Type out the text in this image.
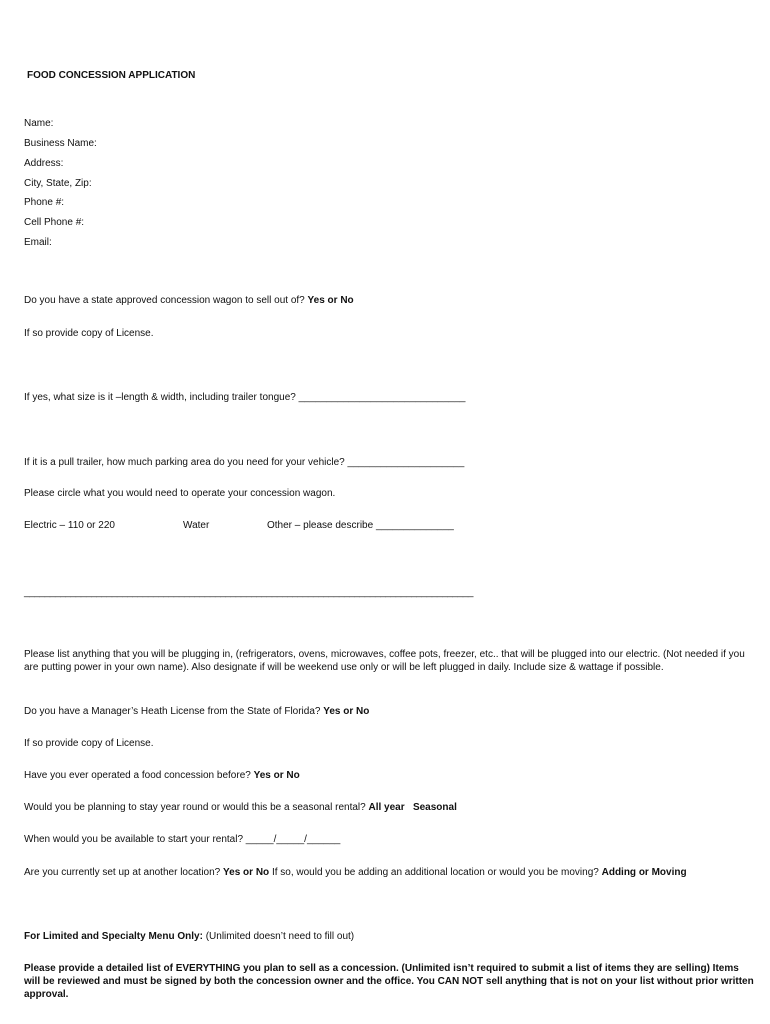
FOOD CONCESSION APPLICATION
Name:
Business Name:
Address:
City, State, Zip:
Phone #:
Cell Phone #:
Email:
Do you have a state approved concession wagon to sell out of? Yes or No
If so provide copy of License.
If yes, what size is it –length & width, including trailer tongue? ______________________________
If it is a pull trailer, how much parking area do you need for your vehicle? _____________________
Please circle what you would need to operate your concession wagon.
Electric – 110 or 220	Water	Other – please describe ______________
_______________________________________________________________________________________
Please list anything that you will be plugging in, (refrigerators, ovens, microwaves, coffee pots, freezer, etc.. that will be plugged into our electric. (Not needed if you are putting power in your own name). Also designate if will be weekend use only or will be left plugged in daily. Include size & wattage if possible.
Do you have a Manager’s Heath License from the State of Florida? Yes or No
If so provide copy of License.
Have you ever operated a food concession before? Yes or No
Would you be planning to stay year round or would this be a seasonal rental? All year   Seasonal
When would you be available to start your rental? _____/_____/______
Are you currently set up at another location? Yes or No If so, would you be adding an additional location or would you be moving? Adding or Moving
For Limited and Specialty Menu Only: (Unlimited doesn’t need to fill out)
Please provide a detailed list of EVERYTHING you plan to sell as a concession. (Unlimited isn’t required to submit a list of items they are selling) Items will be reviewed and must be signed by both the concession owner and the office. You CAN NOT sell anything that is not on your list without prior written approval.
